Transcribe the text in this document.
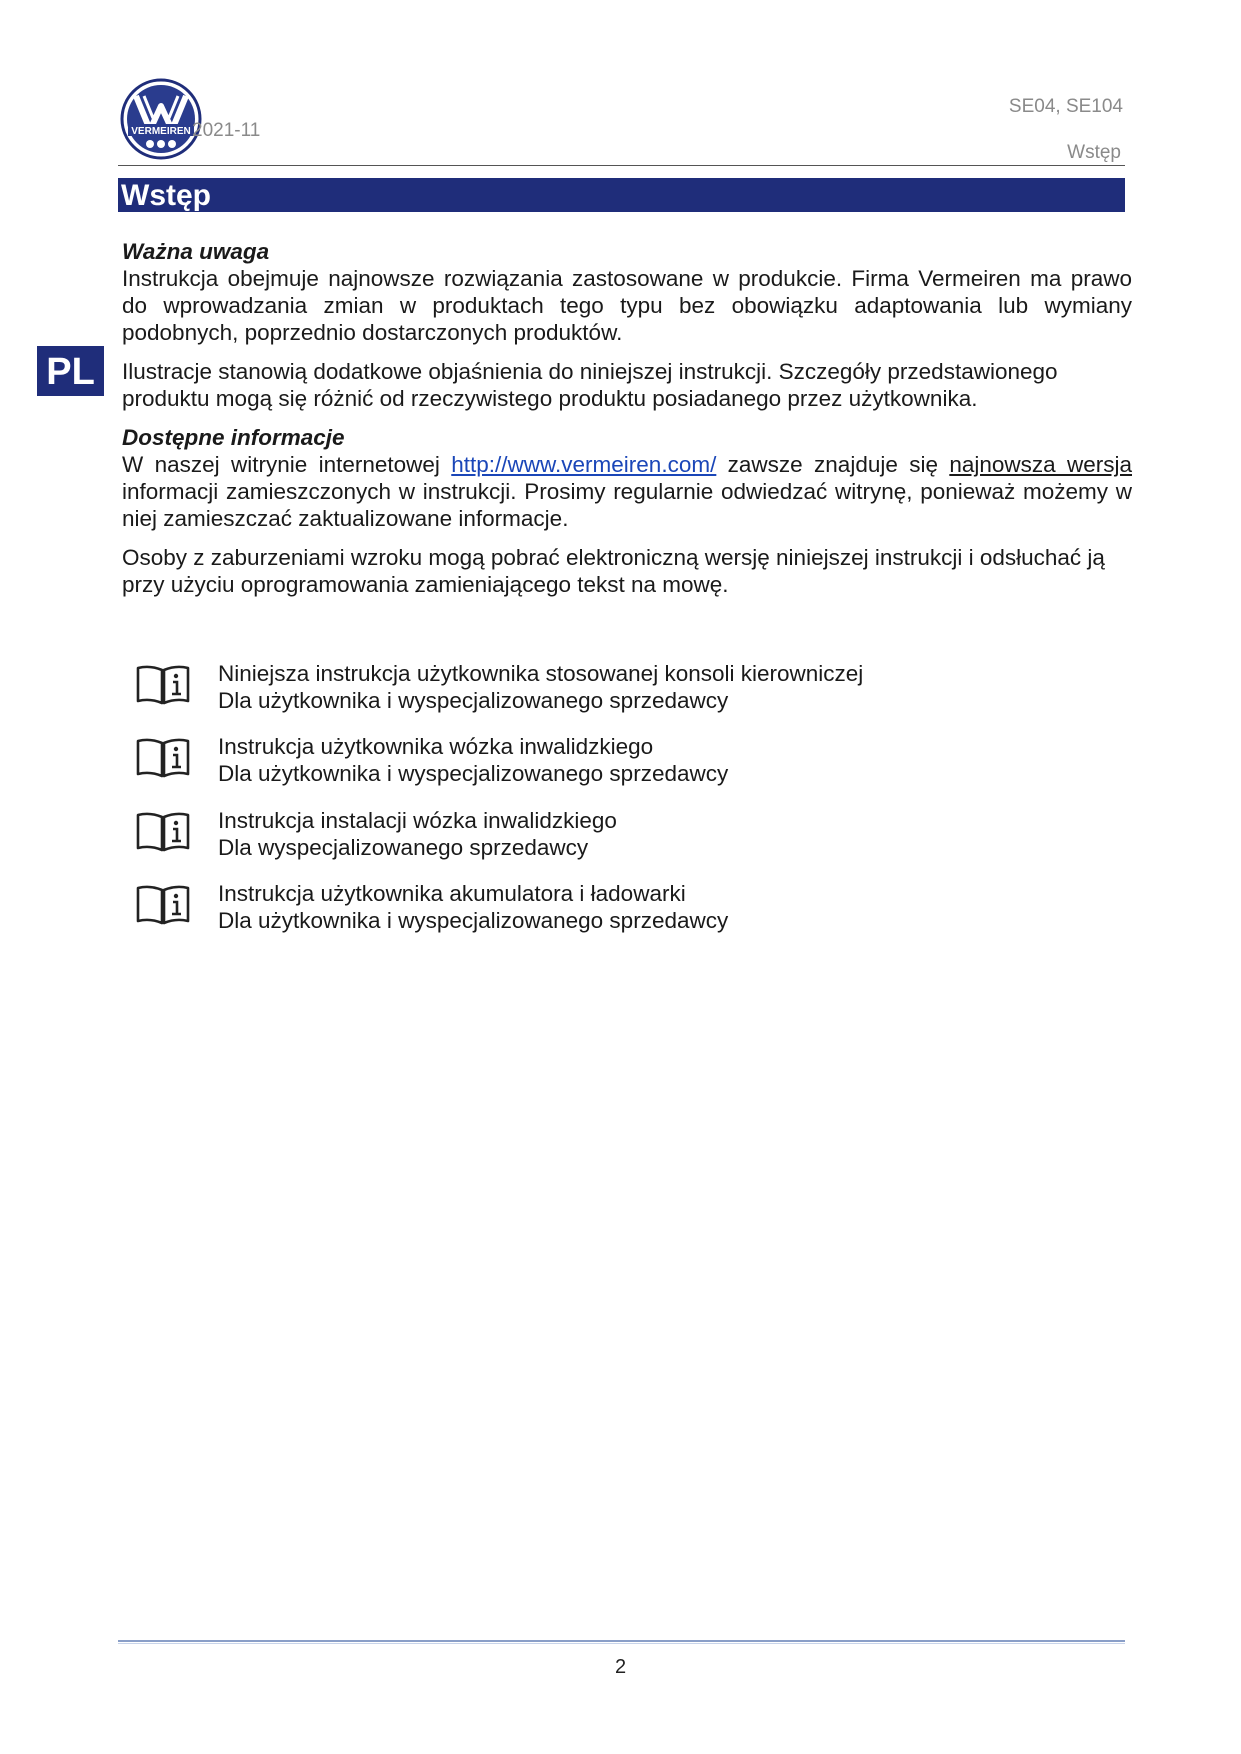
VERMEIREN 2021-11
SE04, SE104
Wstęp
Wstęp
PL
Ważna uwaga

Instrukcja obejmuje najnowsze rozwiązania zastosowane w produkcie. Firma Vermeiren ma prawo do wprowadzania zmian w produktach tego typu bez obowiązku adaptowania lub wymiany podobnych, poprzednio dostarczonych produktów.

Ilustracje stanowią dodatkowe objaśnienia do niniejszej instrukcji. Szczegóły przedstawionego produktu mogą się różnić od rzeczywistego produktu posiadanego przez użytkownika.

Dostępne informacje

W naszej witrynie internetowej http://www.vermeiren.com/ zawsze znajduje się najnowsza wersja informacji zamieszczonych w instrukcji. Prosimy regularnie odwiedzać witrynę, ponieważ możemy w niej zamieszczać zaktualizowane informacje.

Osoby z zaburzeniami wzroku mogą pobrać elektroniczną wersję niniejszej instrukcji i odsłuchać ją przy użyciu oprogramowania zamieniającego tekst na mowę.

Niniejsza instrukcja użytkownika stosowanej konsoli kierowniczej
Dla użytkownika i wyspecjalizowanego sprzedawcy
Instrukcja użytkownika wózka inwalidzkiego
Dla użytkownika i wyspecjalizowanego sprzedawcy
Instrukcja instalacji wózka inwalidzkiego
Dla wyspecjalizowanego sprzedawcy
Instrukcja użytkownika akumulatora i ładowarki
Dla użytkownika i wyspecjalizowanego sprzedawcy
2
